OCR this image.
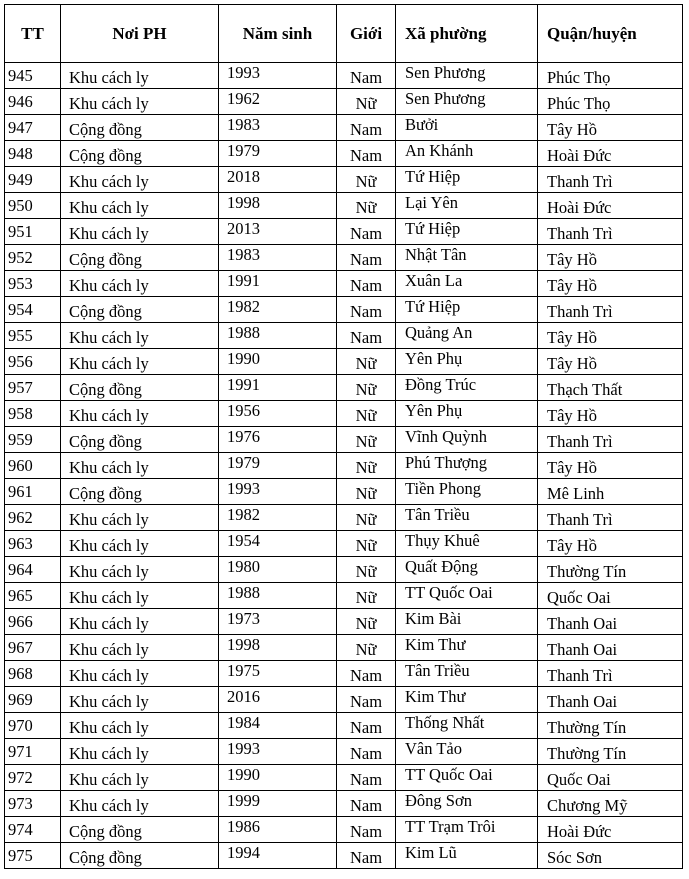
TT	Nơi PH	Năm sinh	Giới	Xã phường	Quận/huyện
945	Khu cách ly	1993	Nam	Sen Phương	Phúc Thọ
946	Khu cách ly	1962	Nữ	Sen Phương	Phúc Thọ
947	Cộng đồng	1983	Nam	Bưởi	Tây Hồ
948	Cộng đồng	1979	Nam	An Khánh	Hoài Đức
949	Khu cách ly	2018	Nữ	Tứ Hiệp	Thanh Trì
950	Khu cách ly	1998	Nữ	Lại Yên	Hoài Đức
951	Khu cách ly	2013	Nam	Tứ Hiệp	Thanh Trì
952	Cộng đồng	1983	Nam	Nhật Tân	Tây Hồ
953	Khu cách ly	1991	Nam	Xuân La	Tây Hồ
954	Cộng đồng	1982	Nam	Tứ Hiệp	Thanh Trì
955	Khu cách ly	1988	Nam	Quảng An	Tây Hồ
956	Khu cách ly	1990	Nữ	Yên Phụ	Tây Hồ
957	Cộng đồng	1991	Nữ	Đồng Trúc	Thạch Thất
958	Khu cách ly	1956	Nữ	Yên Phụ	Tây Hồ
959	Cộng đồng	1976	Nữ	Vĩnh Quỳnh	Thanh Trì
960	Khu cách ly	1979	Nữ	Phú Thượng	Tây Hồ
961	Cộng đồng	1993	Nữ	Tiền Phong	Mê Linh
962	Khu cách ly	1982	Nữ	Tân Triều	Thanh Trì
963	Khu cách ly	1954	Nữ	Thụy Khuê	Tây Hồ
964	Khu cách ly	1980	Nữ	Quất Động	Thường Tín
965	Khu cách ly	1988	Nữ	TT Quốc Oai	Quốc Oai
966	Khu cách ly	1973	Nữ	Kim Bài	Thanh Oai
967	Khu cách ly	1998	Nữ	Kim Thư	Thanh Oai
968	Khu cách ly	1975	Nam	Tân Triều	Thanh Trì
969	Khu cách ly	2016	Nam	Kim Thư	Thanh Oai
970	Khu cách ly	1984	Nam	Thống Nhất	Thường Tín
971	Khu cách ly	1993	Nam	Vân Tảo	Thường Tín
972	Khu cách ly	1990	Nam	TT Quốc Oai	Quốc Oai
973	Khu cách ly	1999	Nam	Đông Sơn	Chương Mỹ
974	Cộng đồng	1986	Nam	TT Trạm Trôi	Hoài Đức
975	Cộng đồng	1994	Nam	Kim Lũ	Sóc Sơn
